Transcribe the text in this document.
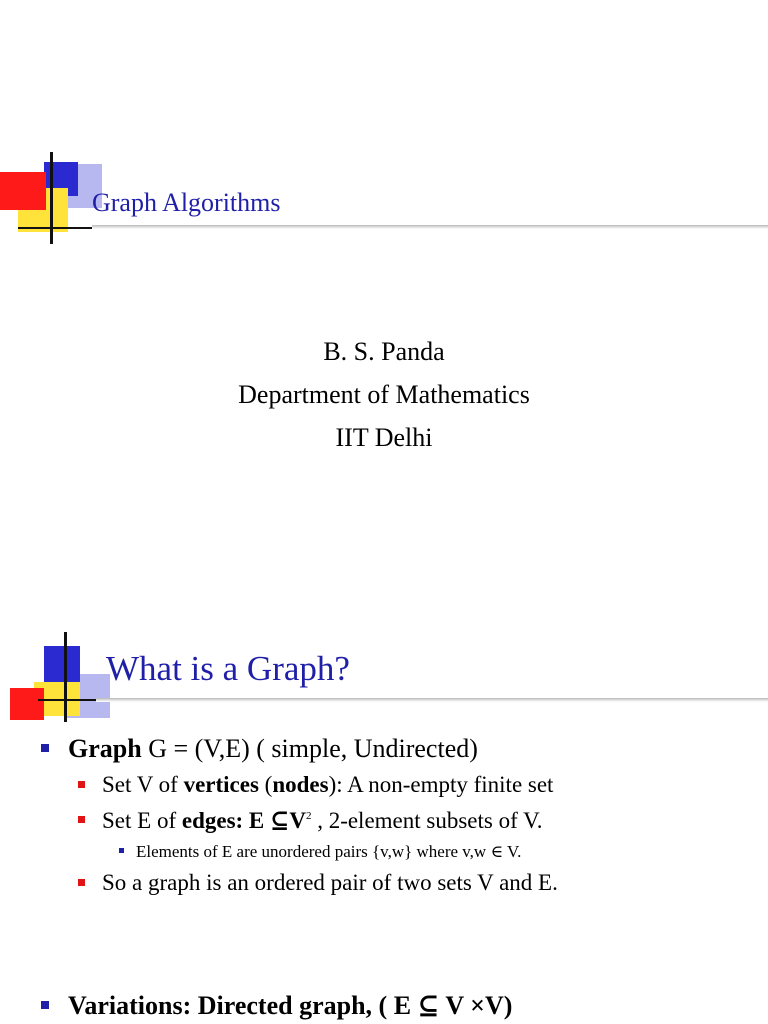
Graph Algorithms
B. S. Panda
Department of Mathematics
IIT Delhi
What is a Graph?
Graph G = (V,E) ( simple, Undirected)
Set V of vertices (nodes): A non-empty finite set
Set E of edges: E $⊆V^2$ , 2-element subsets of V.
Elements of E are unordered pairs {v,w} where v,w ∈ V.
So a graph is an ordered pair of two sets V and E.
Variations: Directed graph, ( E ⊆ V ×V)
